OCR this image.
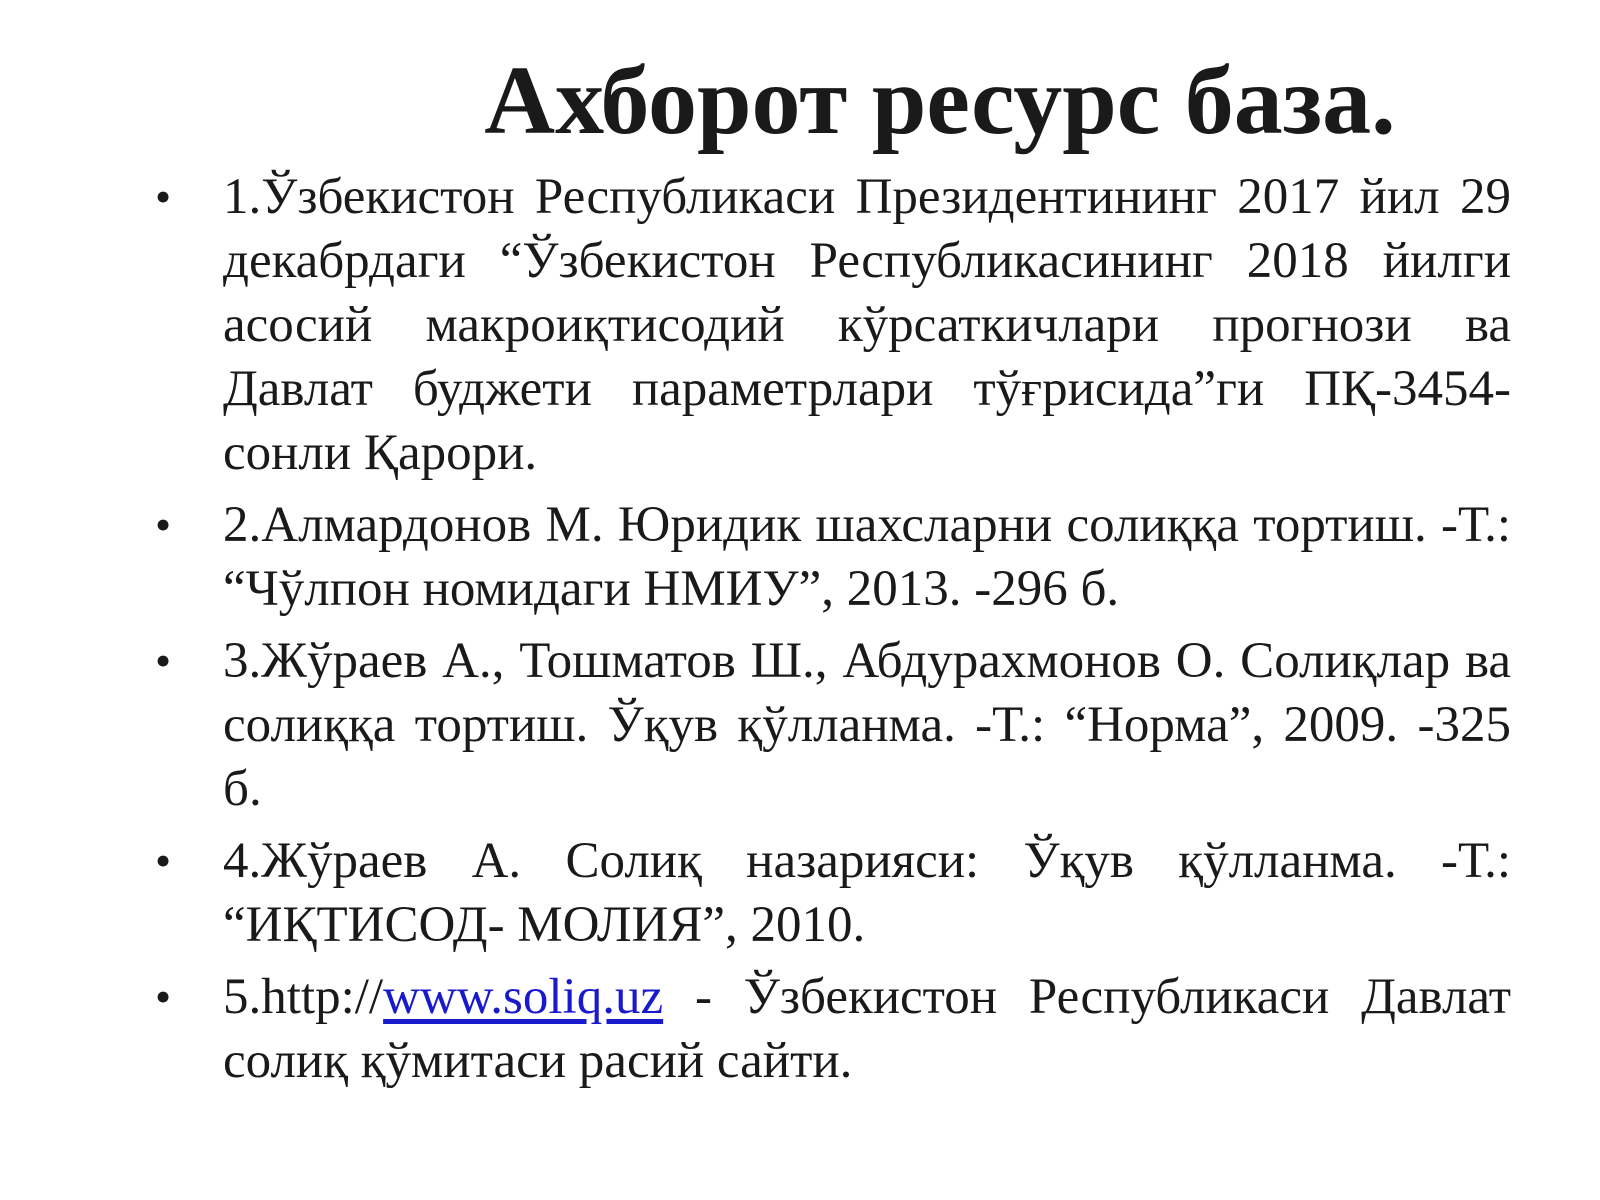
Ахборот ресурс база.
• 1.Ўзбекистон Республикаси Президентининг 2017 йил 29 декабрдаги “Ўзбекистон Республикасининг 2018 йилги асосий макроиқтисодий кўрсаткичлари прогнози ва Давлат буджети параметрлари тўғрисида”ги ПҚ-3454-сонли Қарори.
• 2.Алмардонов М. Юридик шахсларни солиққа тортиш. -Т.: “Чўлпон номидаги НМИУ”, 2013. -296 б.
• 3.Жўраев А., Тошматов Ш., Абдурахмонов О. Солиқлар ва солиққа тортиш. Ўқув қўлланма. -Т.: “Норма”, 2009. -325 б.
• 4.Жўраев А. Солиқ назарияси: Ўқув қўлланма. -Т.: “ИҚТИСОД- МОЛИЯ”, 2010.
• 5.http://www.soliq.uz - Ўзбекистон Республикаси Давлат солиқ қўмитаси расий сайти.
